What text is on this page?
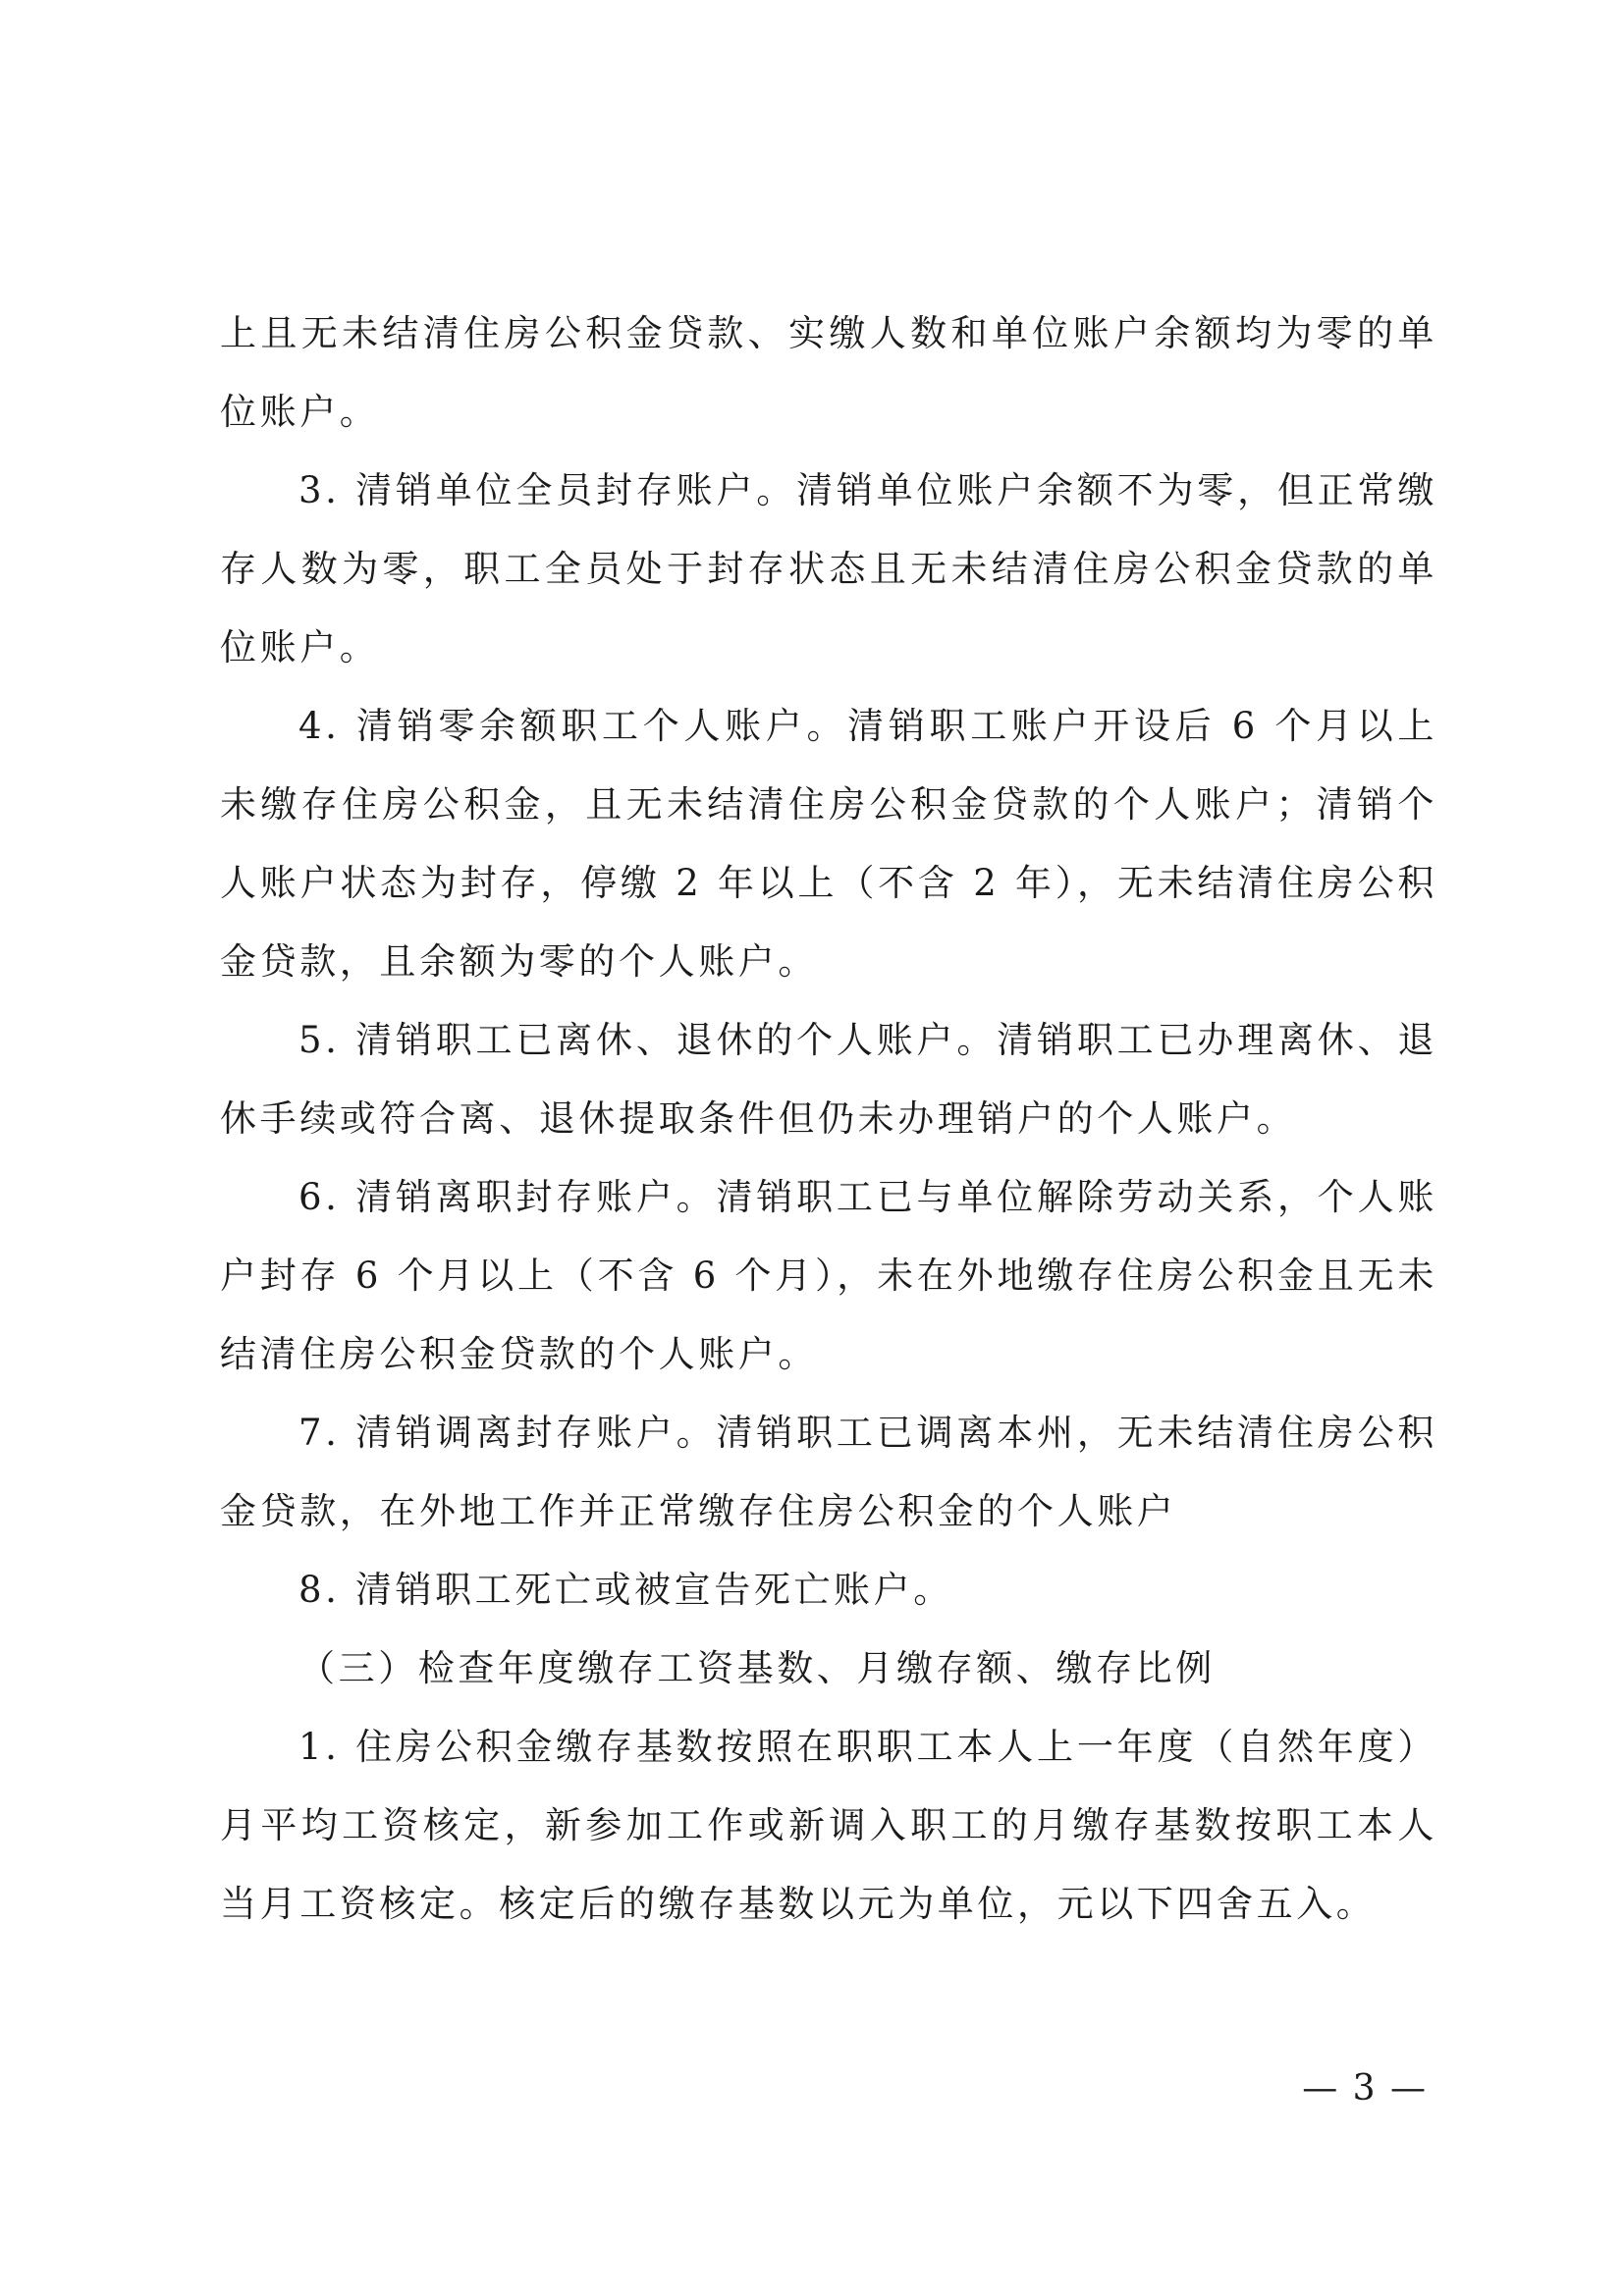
上且无未结清住房公积金贷款、实缴人数和单位账户余额均为零的单位账户。

3. 清销单位全员封存账户。清销单位账户余额不为零，但正常缴存人数为零，职工全员处于封存状态且无未结清住房公积金贷款的单位账户。

4. 清销零余额职工个人账户。清销职工账户开设后 6 个月以上未缴存住房公积金，且无未结清住房公积金贷款的个人账户；清销个人账户状态为封存，停缴 2 年以上（不含 2 年），无未结清住房公积金贷款，且余额为零的个人账户。

5. 清销职工已离休、退休的个人账户。清销职工已办理离休、退休手续或符合离、退休提取条件但仍未办理销户的个人账户。

6. 清销离职封存账户。清销职工已与单位解除劳动关系，个人账户封存 6 个月以上（不含 6 个月），未在外地缴存住房公积金且无未结清住房公积金贷款的个人账户。

7. 清销调离封存账户。清销职工已调离本州，无未结清住房公积金贷款，在外地工作并正常缴存住房公积金的个人账户

8. 清销职工死亡或被宣告死亡账户。

（三）检查年度缴存工资基数、月缴存额、缴存比例

1. 住房公积金缴存基数按照在职职工本人上一年度（自然年度）月平均工资核定，新参加工作或新调入职工的月缴存基数按职工本人当月工资核定。核定后的缴存基数以元为单位，元以下四舍五入。

— 3 —
